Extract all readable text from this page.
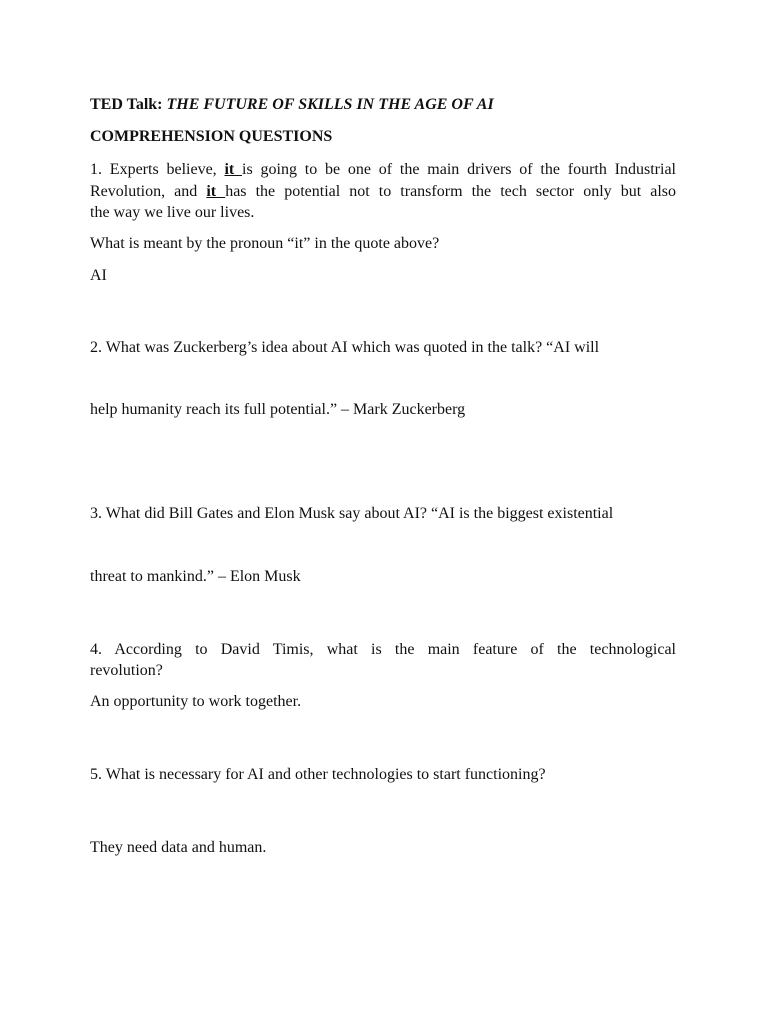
TED Talk: THE FUTURE OF SKILLS IN THE AGE OF AI
COMPREHENSION QUESTIONS
1. Experts believe, it is going to be one of the main drivers of the fourth Industrial
Revolution, and it has the potential not to transform the tech sector only but also
the way we live our lives.
What is meant by the pronoun “it” in the quote above?
AI
2. What was Zuckerberg’s idea about AI which was quoted in the talk? “AI will
help humanity reach its full potential.” – Mark Zuckerberg
3. What did Bill Gates and Elon Musk say about AI? “AI is the biggest existential
threat to mankind.” – Elon Musk
4. According to David Timis, what is the main feature of the technological
revolution?
An opportunity to work together.
5. What is necessary for AI and other technologies to start functioning?
They need data and human.
